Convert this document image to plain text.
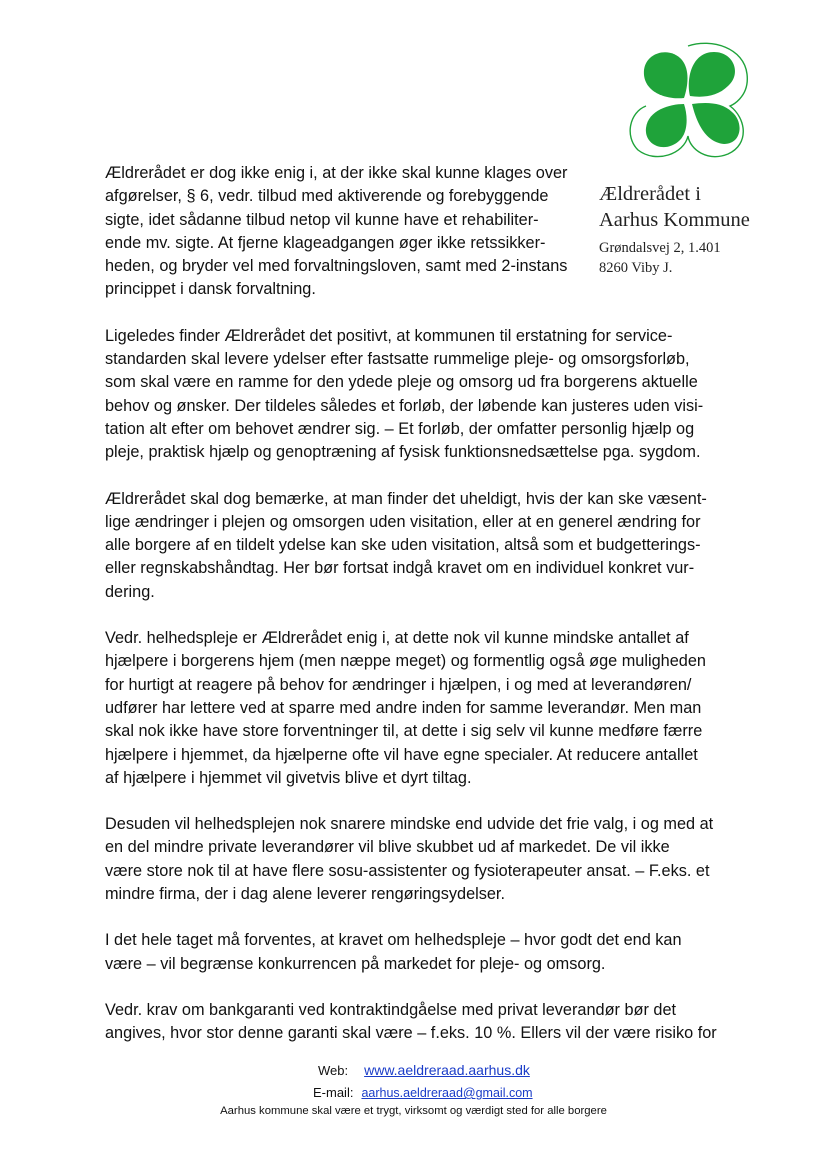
Ældrerådet i
Aarhus Kommune
Grøndalsvej 2, 1.401
8260 Viby J.

Ældrerådet er dog ikke enig i, at der ikke skal kunne klages over
afgørelser, § 6, vedr. tilbud med aktiverende og forebyggende
sigte, idet sådanne tilbud netop vil kunne have et rehabiliter-
ende mv. sigte. At fjerne klageadgangen øger ikke retssikker-
heden, og bryder vel med forvaltningsloven, samt med 2-instans
princippet i dansk forvaltning.

Ligeledes finder Ældrerådet det positivt, at kommunen til erstatning for service-
standarden skal levere ydelser efter fastsatte rummelige pleje- og omsorgsforløb,
som skal være en ramme for den ydede pleje og omsorg ud fra borgerens aktuelle
behov og ønsker. Der tildeles således et forløb, der løbende kan justeres uden visi-
tation alt efter om behovet ændrer sig. – Et forløb, der omfatter personlig hjælp og
pleje, praktisk hjælp og genoptræning af fysisk funktionsnedsættelse pga. sygdom.

Ældrerådet skal dog bemærke, at man finder det uheldigt, hvis der kan ske væsent-
lige ændringer i plejen og omsorgen uden visitation, eller at en generel ændring for
alle borgere af en tildelt ydelse kan ske uden visitation, altså som et budgetterings-
eller regnskabshåndtag. Her bør fortsat indgå kravet om en individuel konkret vur-
dering.

Vedr. helhedspleje er Ældrerådet enig i, at dette nok vil kunne mindske antallet af
hjælpere i borgerens hjem (men næppe meget) og formentlig også øge muligheden
for hurtigt at reagere på behov for ændringer i hjælpen, i og med at leverandøren/
udfører har lettere ved at sparre med andre inden for samme leverandør. Men man
skal nok ikke have store forventninger til, at dette i sig selv vil kunne medføre færre
hjælpere i hjemmet, da hjælperne ofte vil have egne specialer. At reducere antallet
af hjælpere i hjemmet vil givetvis blive et dyrt tiltag.

Desuden vil helhedsplejen nok snarere mindske end udvide det frie valg, i og med at
en del mindre private leverandører vil blive skubbet ud af markedet. De vil ikke
være store nok til at have flere sosu-assistenter og fysioterapeuter ansat. – F.eks. et
mindre firma, der i dag alene leverer rengøringsydelser.

I det hele taget må forventes, at kravet om helhedspleje – hvor godt det end kan
være – vil begrænse konkurrencen på markedet for pleje- og omsorg.

Vedr. krav om bankgaranti ved kontraktindgåelse med privat leverandør bør det
angives, hvor stor denne garanti skal være – f.eks. 10 %. Ellers vil der være risiko for

Web: www.aeldreraad.aarhus.dk
E-mail: aarhus.aeldreraad@gmail.com
Aarhus kommune skal være et trygt, virksomt og værdigt sted for alle borgere
